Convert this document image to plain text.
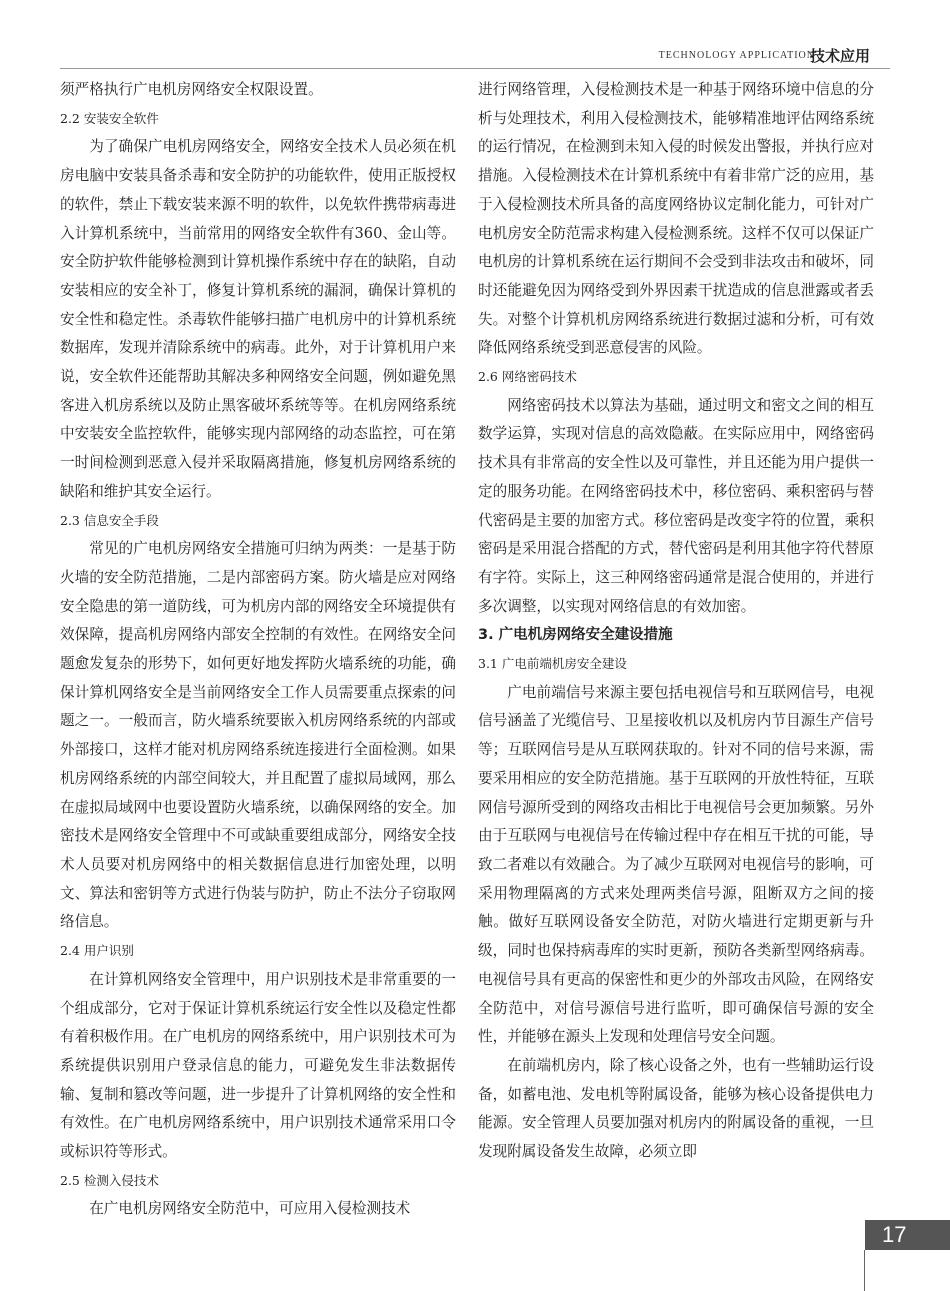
TECHNOLOGY APPLICATION
技术应用

须严格执行广电机房网络安全权限设置。

2.2 安装安全软件

为了确保广电机房网络安全，网络安全技术人员必须在机房电脑中安装具备杀毒和安全防护的功能软件，使用正版授权的软件，禁止下载安装来源不明的软件，以免软件携带病毒进入计算机系统中，当前常用的网络安全软件有360、金山等。安全防护软件能够检测到计算机操作系统中存在的缺陷，自动安装相应的安全补丁，修复计算机系统的漏洞，确保计算机的安全性和稳定性。杀毒软件能够扫描广电机房中的计算机系统数据库，发现并清除系统中的病毒。此外，对于计算机用户来说，安全软件还能帮助其解决多种网络安全问题，例如避免黑客进入机房系统以及防止黑客破坏系统等等。在机房网络系统中安装安全监控软件，能够实现内部网络的动态监控，可在第一时间检测到恶意入侵并采取隔离措施，修复机房网络系统的缺陷和维护其安全运行。

2.3 信息安全手段

常见的广电机房网络安全措施可归纳为两类：一是基于防火墙的安全防范措施，二是内部密码方案。防火墙是应对网络安全隐患的第一道防线，可为机房内部的网络安全环境提供有效保障，提高机房网络内部安全控制的有效性。在网络安全问题愈发复杂的形势下，如何更好地发挥防火墙系统的功能，确保计算机网络安全是当前网络安全工作人员需要重点探索的问题之一。一般而言，防火墙系统要嵌入机房网络系统的内部或外部接口，这样才能对机房网络系统连接进行全面检测。如果机房网络系统的内部空间较大，并且配置了虚拟局域网，那么在虚拟局域网中也要设置防火墙系统，以确保网络的安全。加密技术是网络安全管理中不可或缺重要组成部分，网络安全技术人员要对机房网络中的相关数据信息进行加密处理，以明文、算法和密钥等方式进行伪装与防护，防止不法分子窃取网络信息。

2.4 用户识别

在计算机网络安全管理中，用户识别技术是非常重要的一个组成部分，它对于保证计算机系统运行安全性以及稳定性都有着积极作用。在广电机房的网络系统中，用户识别技术可为系统提供识别用户登录信息的能力，可避免发生非法数据传输、复制和篡改等问题，进一步提升了计算机网络的安全性和有效性。在广电机房网络系统中，用户识别技术通常采用口令或标识符等形式。

2.5 检测入侵技术

在广电机房网络安全防范中，可应用入侵检测技术

进行网络管理，入侵检测技术是一种基于网络环境中信息的分析与处理技术，利用入侵检测技术，能够精准地评估网络系统的运行情况，在检测到未知入侵的时候发出警报，并执行应对措施。入侵检测技术在计算机系统中有着非常广泛的应用，基于入侵检测技术所具备的高度网络协议定制化能力，可针对广电机房安全防范需求构建入侵检测系统。这样不仅可以保证广电机房的计算机系统在运行期间不会受到非法攻击和破坏，同时还能避免因为网络受到外界因素干扰造成的信息泄露或者丢失。对整个计算机机房网络系统进行数据过滤和分析，可有效降低网络系统受到恶意侵害的风险。

2.6 网络密码技术

网络密码技术以算法为基础，通过明文和密文之间的相互数学运算，实现对信息的高效隐蔽。在实际应用中，网络密码技术具有非常高的安全性以及可靠性，并且还能为用户提供一定的服务功能。在网络密码技术中，移位密码、乘积密码与替代密码是主要的加密方式。移位密码是改变字符的位置，乘积密码是采用混合搭配的方式，替代密码是利用其他字符代替原有字符。实际上，这三种网络密码通常是混合使用的，并进行多次调整，以实现对网络信息的有效加密。

3. 广电机房网络安全建设措施
3.1 广电前端机房安全建设

广电前端信号来源主要包括电视信号和互联网信号，电视信号涵盖了光缆信号、卫星接收机以及机房内节目源生产信号等；互联网信号是从互联网获取的。针对不同的信号来源，需要采用相应的安全防范措施。基于互联网的开放性特征，互联网信号源所受到的网络攻击相比于电视信号会更加频繁。另外由于互联网与电视信号在传输过程中存在相互干扰的可能，导致二者难以有效融合。为了减少互联网对电视信号的影响，可采用物理隔离的方式来处理两类信号源，阻断双方之间的接触。做好互联网设备安全防范，对防火墙进行定期更新与升级，同时也保持病毒库的实时更新，预防各类新型网络病毒。电视信号具有更高的保密性和更少的外部攻击风险，在网络安全防范中，对信号源信号进行监听，即可确保信号源的安全性，并能够在源头上发现和处理信号安全问题。

在前端机房内，除了核心设备之外，也有一些辅助运行设备，如蓄电池、发电机等附属设备，能够为核心设备提供电力能源。安全管理人员要加强对机房内的附属设备的重视，一旦发现附属设备发生故障，必须立即

17
